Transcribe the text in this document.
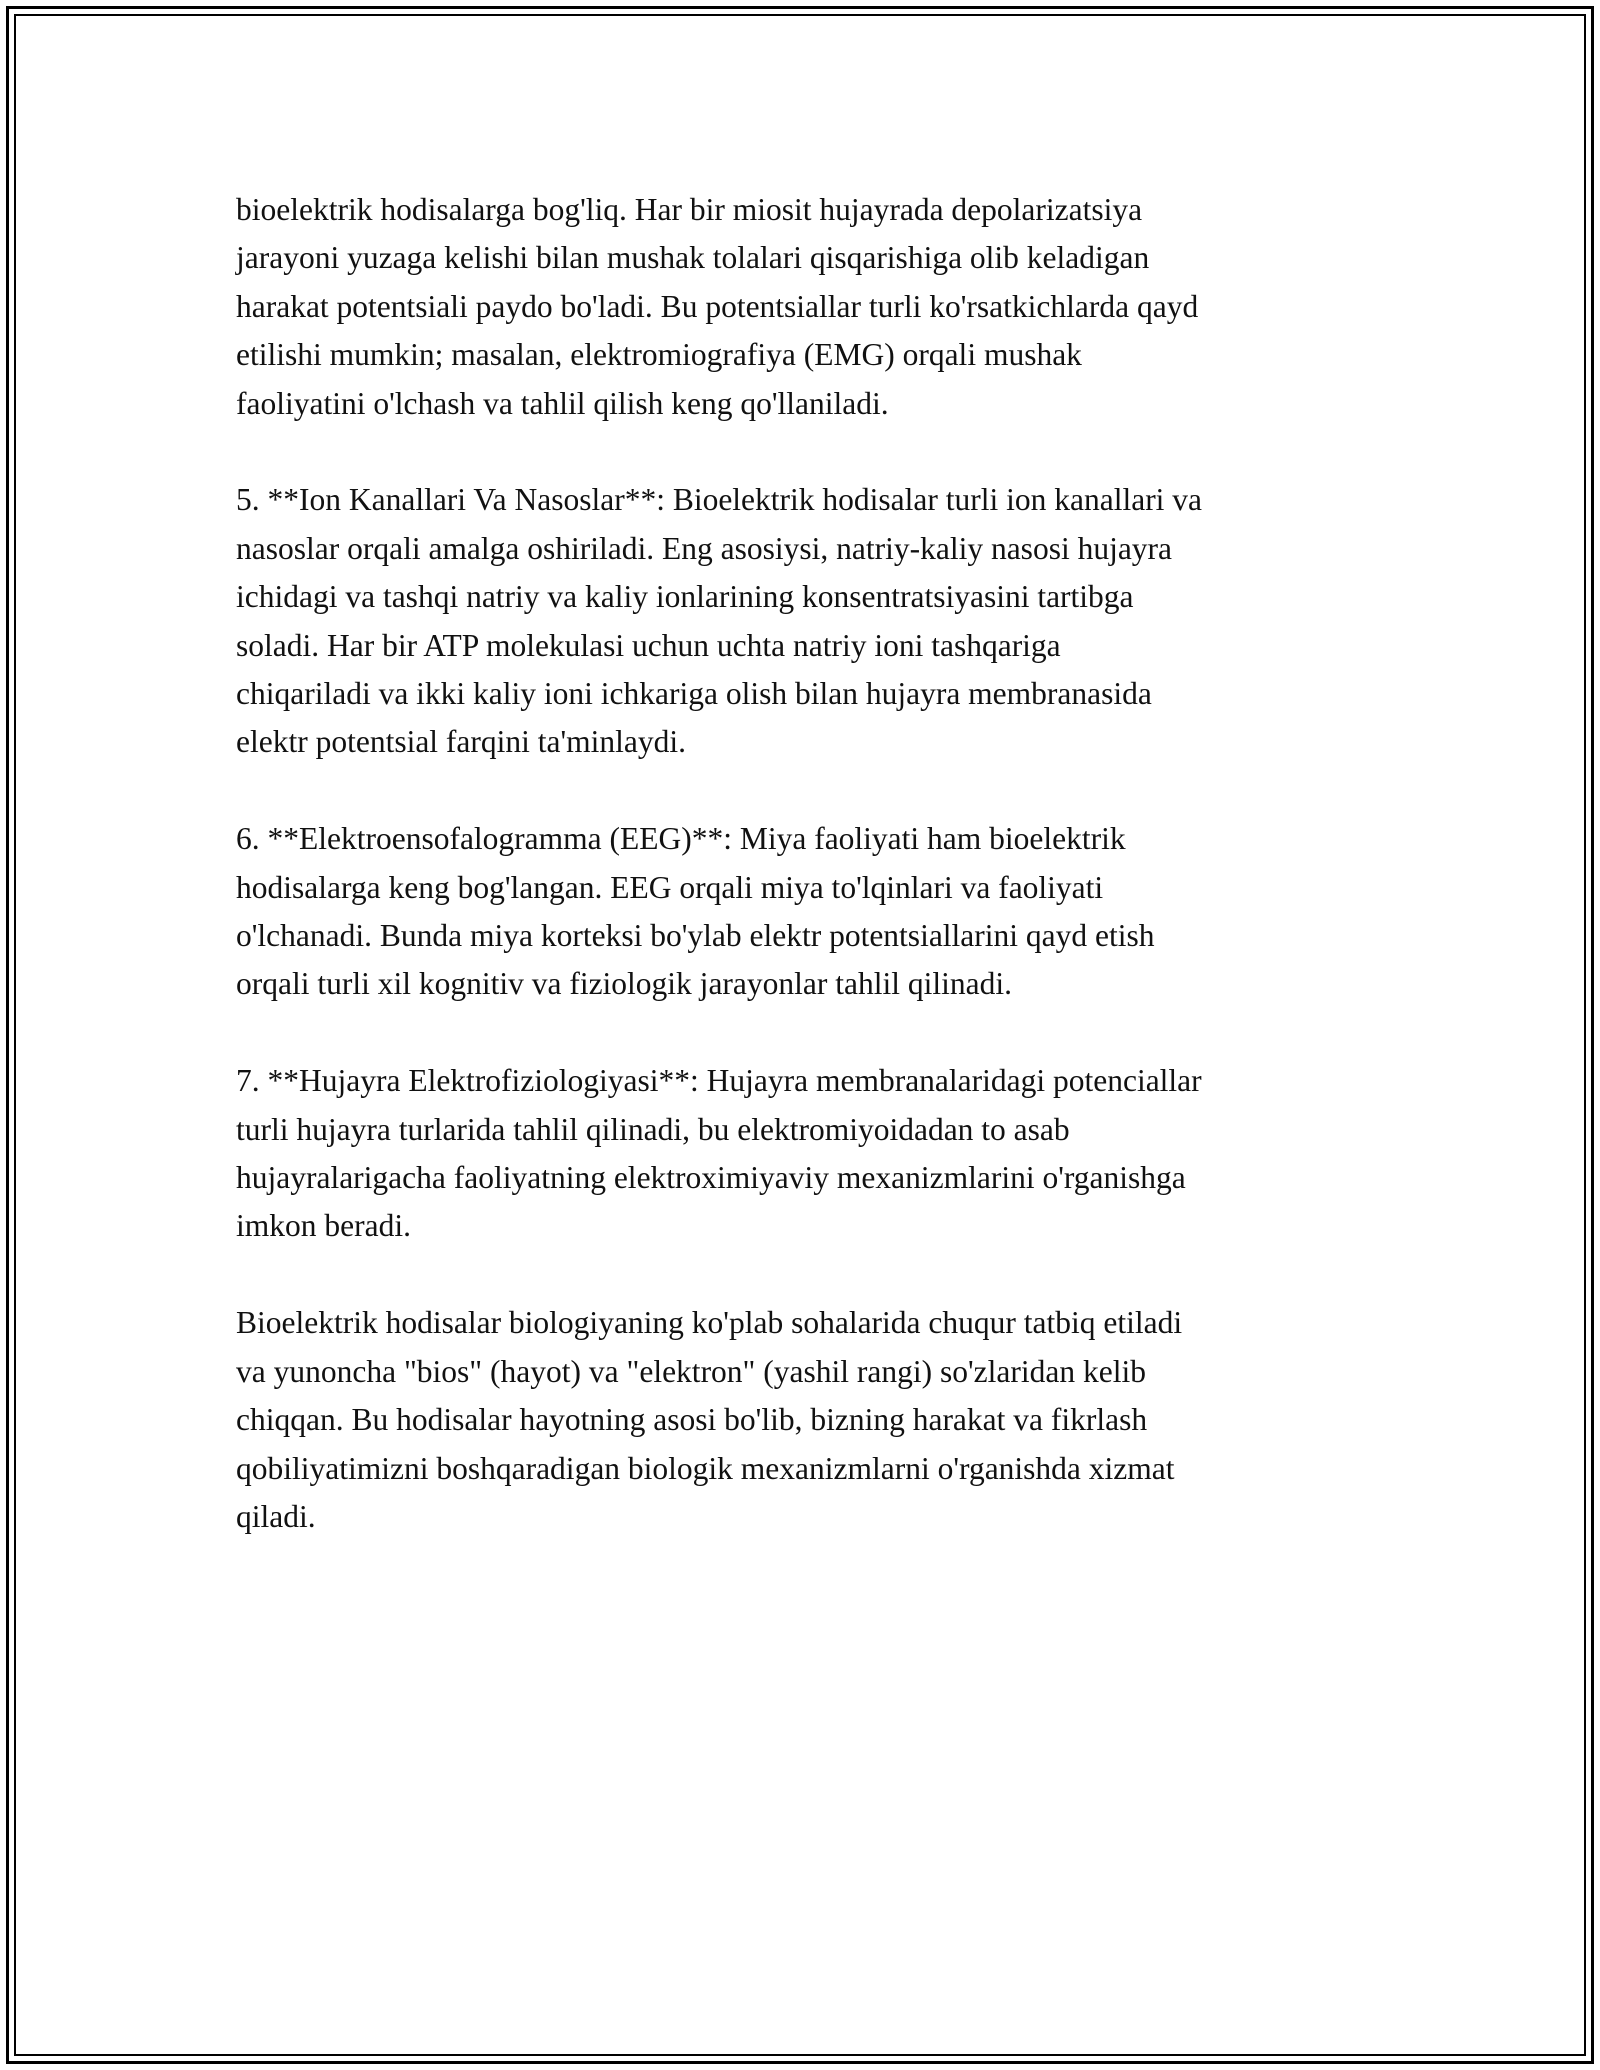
bioelektrik hodisalarga bog'liq. Har bir miosit hujayrada depolarizatsiya
jarayoni yuzaga kelishi bilan mushak tolalari qisqarishiga olib keladigan
harakat potentsiali paydo bo'ladi. Bu potentsiallar turli ko'rsatkichlarda qayd
etilishi mumkin; masalan, elektromiografiya (EMG) orqali mushak
faoliyatini o'lchash va tahlil qilish keng qo'llaniladi.

5. **Ion Kanallari Va Nasoslar**: Bioelektrik hodisalar turli ion kanallari va
nasoslar orqali amalga oshiriladi. Eng asosiysi, natriy-kaliy nasosi hujayra
ichidagi va tashqi natriy va kaliy ionlarining konsentratsiyasini tartibga
soladi. Har bir ATP molekulasi uchun uchta natriy ioni tashqariga
chiqariladi va ikki kaliy ioni ichkariga olish bilan hujayra membranasida
elektr potentsial farqini ta'minlaydi.

6. **Elektroensofalogramma (EEG)**: Miya faoliyati ham bioelektrik
hodisalarga keng bog'langan. EEG orqali miya to'lqinlari va faoliyati
o'lchanadi. Bunda miya korteksi bo'ylab elektr potentsiallarini qayd etish
orqali turli xil kognitiv va fiziologik jarayonlar tahlil qilinadi.

7. **Hujayra Elektrofiziologiyasi**: Hujayra membranalaridagi potenciallar
turli hujayra turlarida tahlil qilinadi, bu elektromiyoidadan to asab
hujayralarigacha faoliyatning elektroximiyaviy mexanizmlarini o'rganishga
imkon beradi.

Bioelektrik hodisalar biologiyaning ko'plab sohalarida chuqur tatbiq etiladi
va yunoncha "bios" (hayot) va "elektron" (yashil rangi) so'zlaridan kelib
chiqqan. Bu hodisalar hayotning asosi bo'lib, bizning harakat va fikrlash
qobiliyatimizni boshqaradigan biologik mexanizmlarni o'rganishda xizmat
qiladi.
